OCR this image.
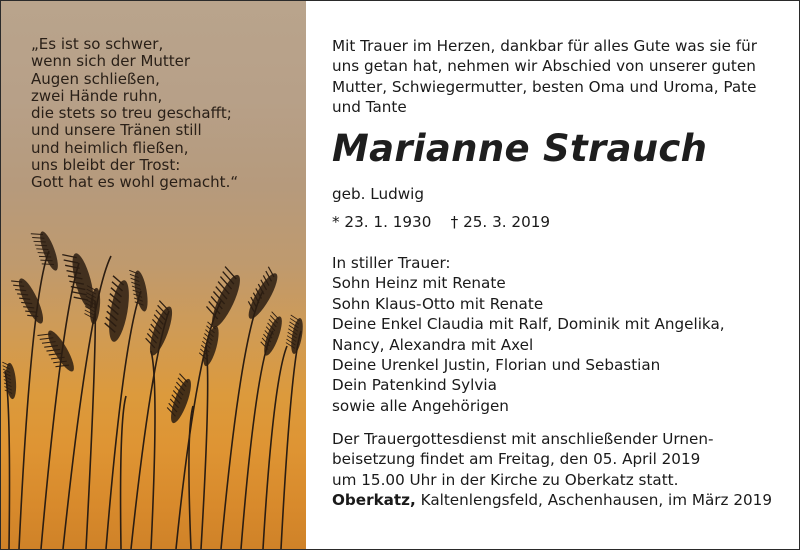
„Es ist so schwer,
wenn sich der Mutter
Augen schließen,
zwei Hände ruhn,
die stets so treu geschafft;
und unsere Tränen still
und heimlich fließen,
uns bleibt der Trost:
Gott hat es wohl gemacht.“

Mit Trauer im Herzen, dankbar für alles Gute was sie für
uns getan hat, nehmen wir Abschied von unserer guten
Mutter, Schwiegermutter, besten Oma und Uroma, Pate
und Tante

Marianne Strauch

geb. Ludwig

* 23. 1. 1930    † 25. 3. 2019

In stiller Trauer:
Sohn Heinz mit Renate
Sohn Klaus-Otto mit Renate
Deine Enkel Claudia mit Ralf, Dominik mit Angelika,
Nancy, Alexandra mit Axel
Deine Urenkel Justin, Florian und Sebastian
Dein Patenkind Sylvia
sowie alle Angehörigen

Der Trauergottesdienst mit anschließender Urnen-
beisetzung findet am Freitag, den 05. April 2019
um 15.00 Uhr in der Kirche zu Oberkatz statt.
Oberkatz, Kaltenlengsfeld, Aschenhausen, im März 2019
